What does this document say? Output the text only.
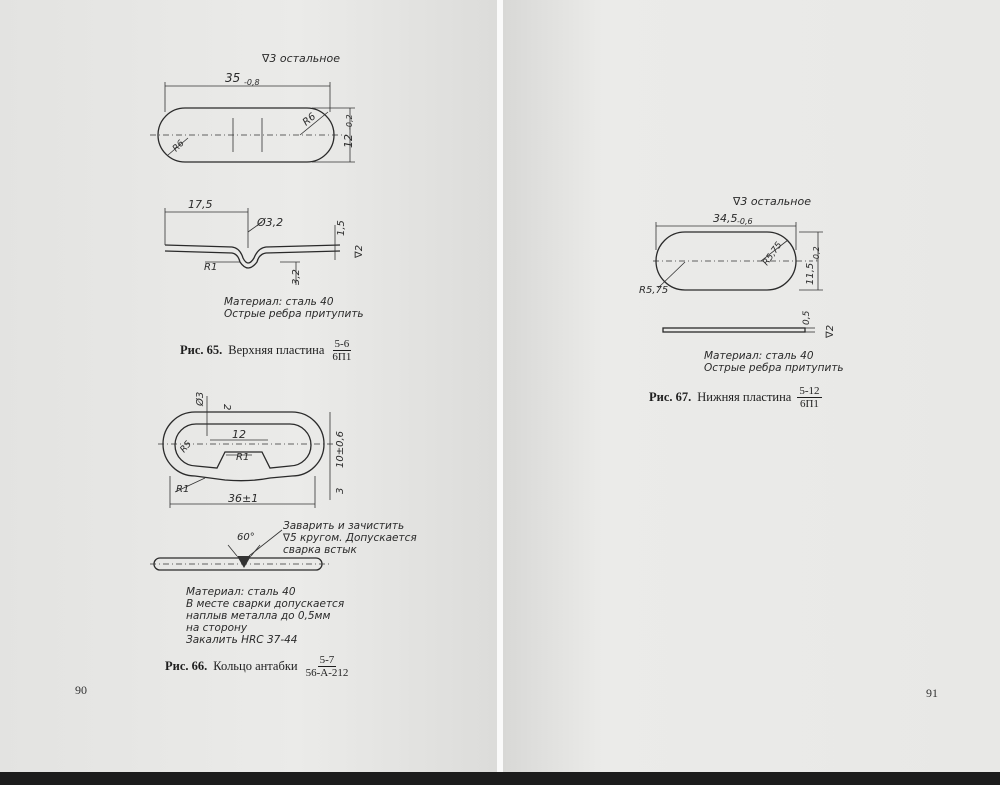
∇3 остальное
35 -0,8
12
-0,2
R6
R6
17,5
Ø3,2	1,5
∇2
R1
3,2
Материал: сталь 40
Острые ребра притупить
Рис. 65. Верхняя пластина $\frac{5-6}{6П1}$
Ø3
2
12
R1
R5
R1
36±1
10±0,6
3
60°
Заварить и зачистить
∇5 кругом. Допускается
сварка встык
Материал: сталь 40
В месте сварки допускается
наплыв металла до 0,5мм
на сторону
Закалить HRC 37-44
Рис. 66. Кольцо антабки $\frac{5-7}{56-А-212}$
90
∇3 остальное
34,5 -0,6
R5,75
R5,75
11,5
-0,2
0,5
∇2
Материал: сталь 40
Острые ребра притупить
Рис. 67. Нижняя пластина $\frac{5-12}{6П1}$
91
